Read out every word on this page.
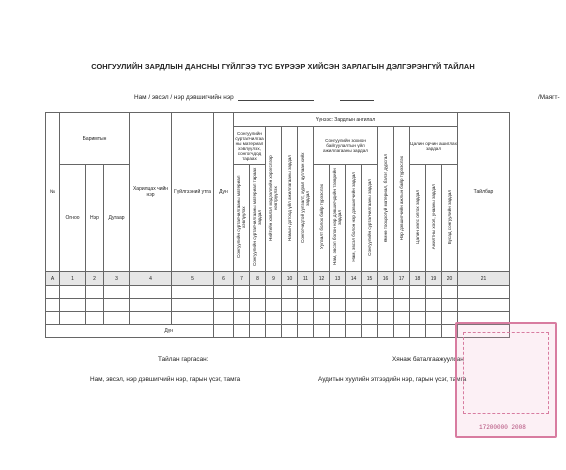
СОНГУУЛИЙН ЗАРДЛЫН ДАНСНЫ ГҮЙЛГЭЭ ТУС БҮРЭЭР ХИЙСЭН ЗАРЛАГЫН ДЭЛГЭРЭНГҮЙ ТАЙЛАН
Нам / эвсэл / нэр дэвшигчийн нэр	/Маягт-
№	Баримтын			Харилцах чийн нэр	Гүйлгээний утга	Дүн	Үүнээс: Зардлын ангилал														Тайлбар
							Сонгуулийн сурталчилгаа ны материал хэвлүүлэх, сонгогчдод тараах		Нийтийн хэвлэл мэдээллийн хэрэгслээр нэвтрүүлэх	Намын дотоод үйл ажиллагааны зардал	Сонгогчидтой уулзалт, хурал цуглаан хийх зардал	Сонгуулийн зохион байгуулалтын үйл ажиллагааны зардал				Өмнө тооцоогүй материал, бэлэг дурсгал	Нэр дэвшигчийн ажлын байр түрээслэх	Цалин орчин ашиглах зардал			
	Огноо	Нэр	Дугаар				Сонгуулийн сурталчилгааны материал хэвлүүлэх	Сонгуулийн сурталчилгааны материал тараах зардал				Уулзалт болох байр түрээслэх	Нам, эвсэл болон нэр дэвшигчдийн тээврийн зардал	Нам, эвсэл болон нэр дэвшигчийн зардал	Сонгуулийн сурталчилгааны зардал			Цалин хөлс олгох зардал	Ажилтны хоол, унааны зардал	Бусад сонгуулийн зардал	
А	1	2	3	4	5	6	7	8	9	10	11	12	13	14	15	16	17	18	19	20	21

Дүн																					
Тайлан гаргасан:
Нам, эвсэл, нэр дэвшигчийн нэр, гарын үсэг, тамга
Хянаж баталгаажуулсан
Аудитын хуулийн этгээдийн нэр, гарын үсэг, тамга
17200000 2008
